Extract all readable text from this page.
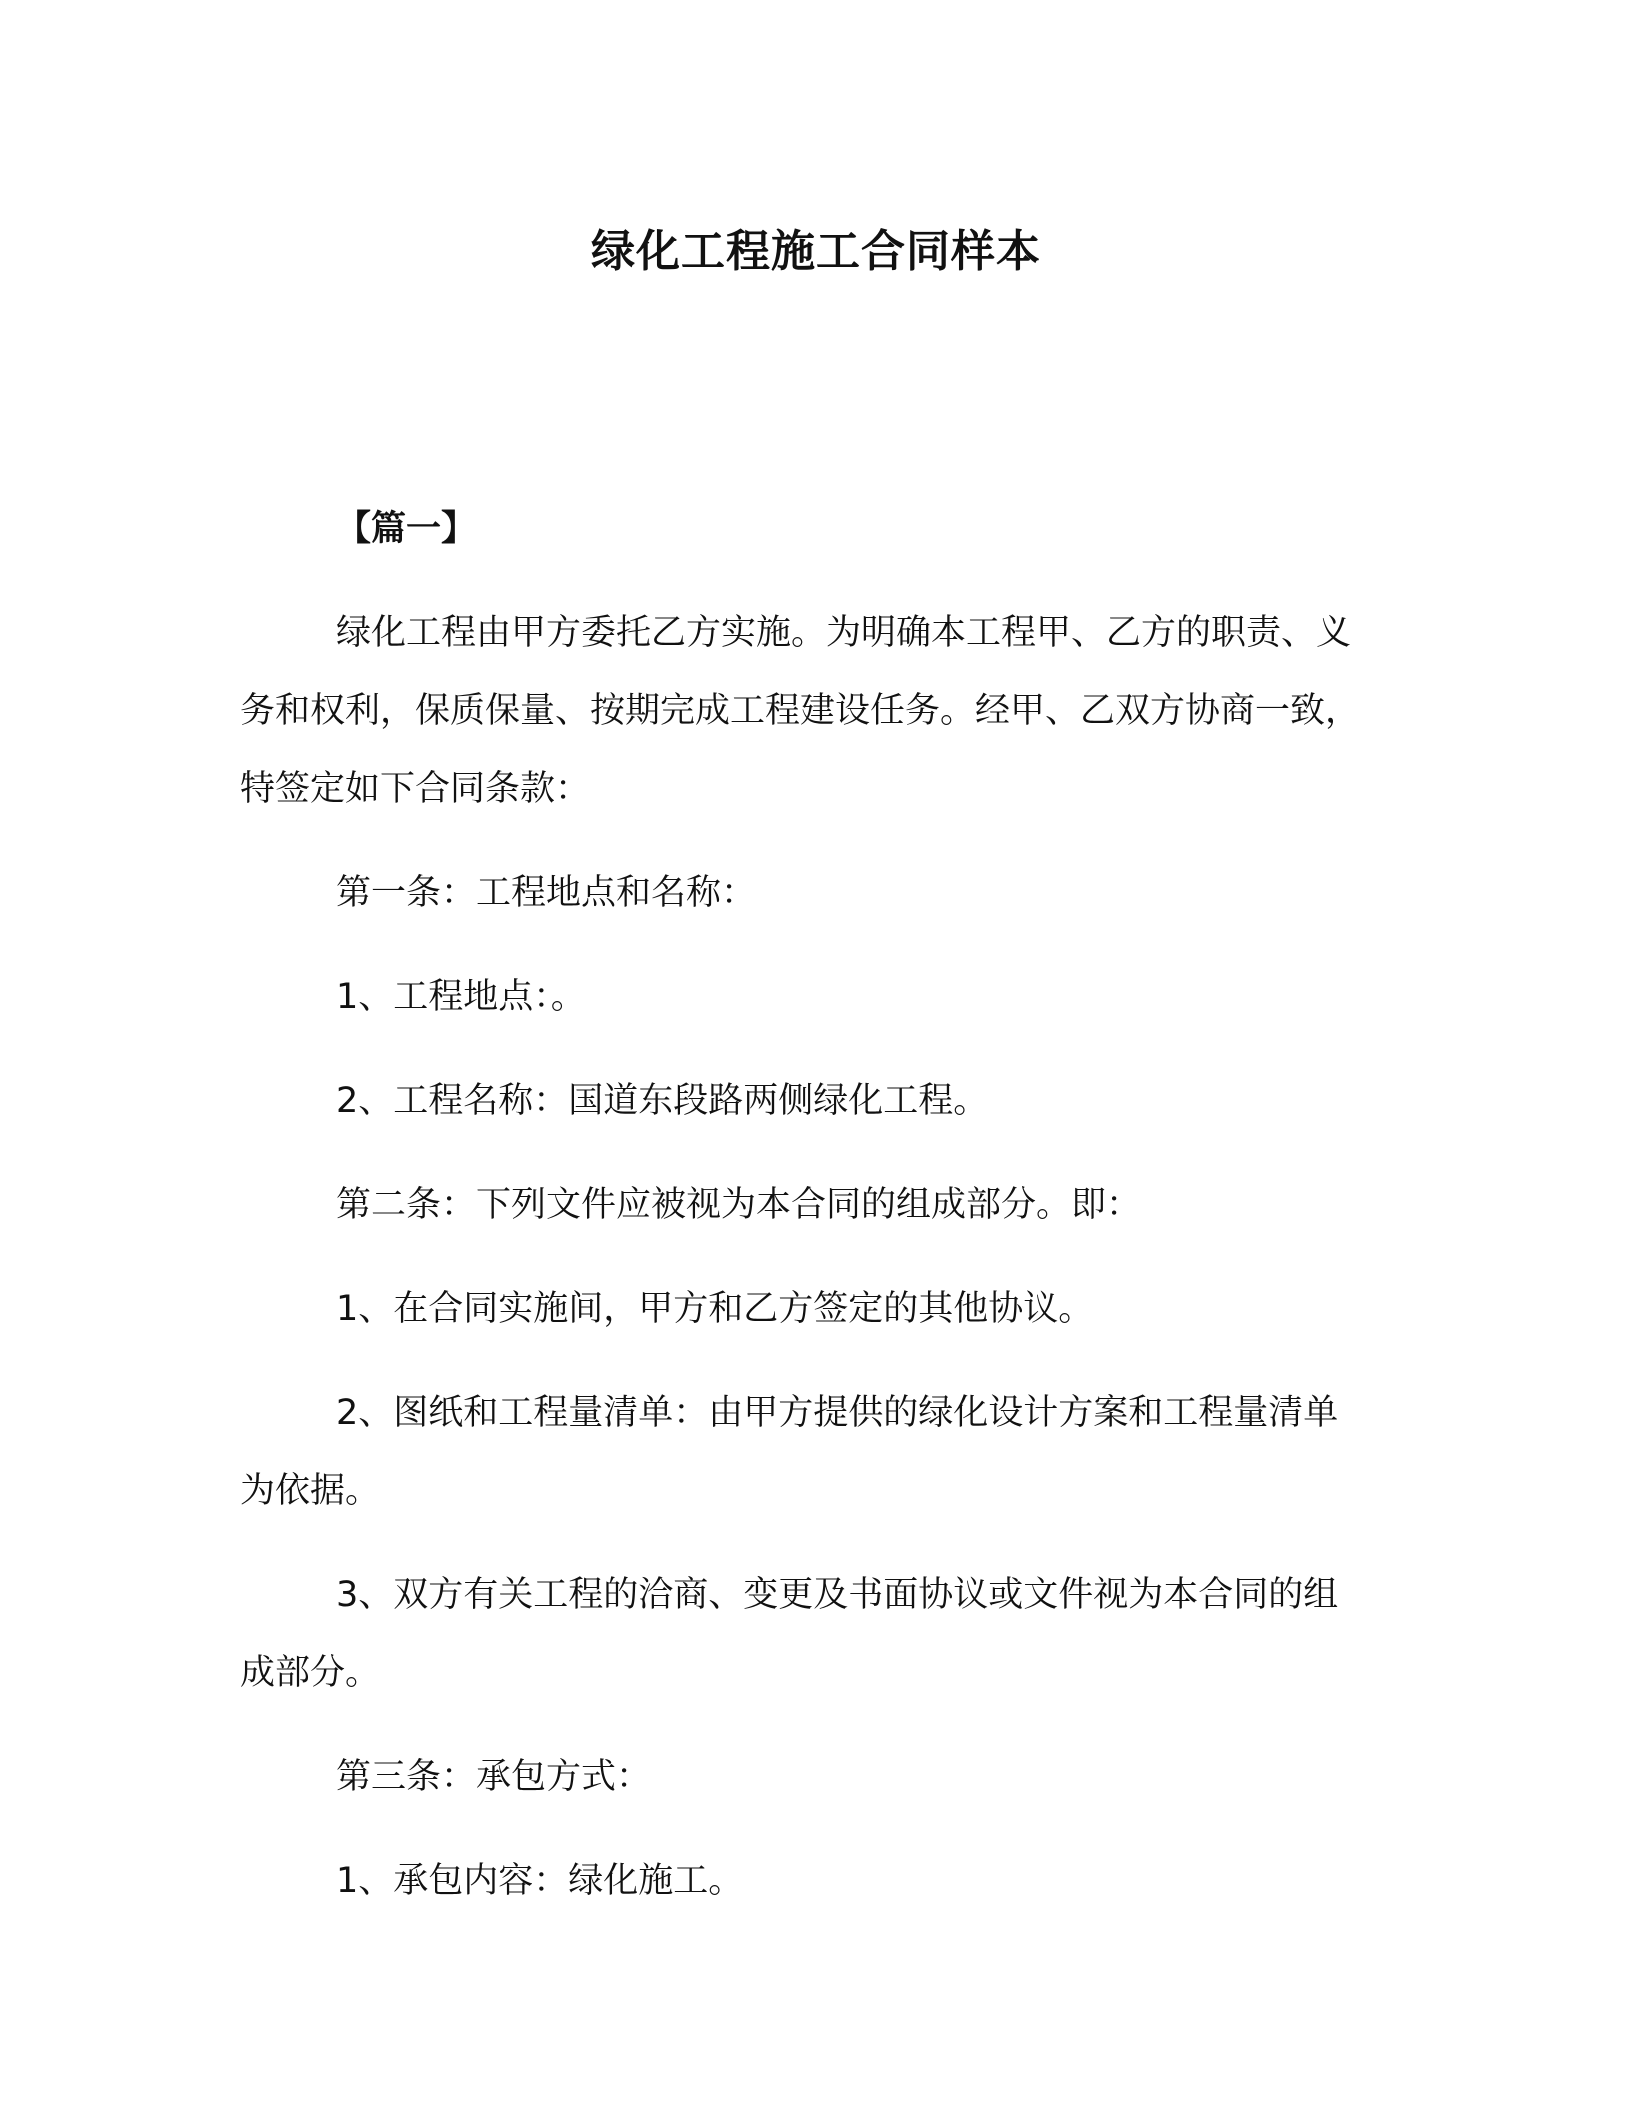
绿化工程施工合同样本
【篇一】

绿化工程由甲方委托乙方实施。为明确本工程甲、乙方的职责、义务和权利，保质保量、按期完成工程建设任务。经甲、乙双方协商一致，特签定如下合同条款：

第一条：工程地点和名称：

1、工程地点：。

2、工程名称：国道东段路两侧绿化工程。

第二条：下列文件应被视为本合同的组成部分。即：

1、在合同实施间，甲方和乙方签定的其他协议。

2、图纸和工程量清单：由甲方提供的绿化设计方案和工程量清单为依据。

3、双方有关工程的洽商、变更及书面协议或文件视为本合同的组成部分。

第三条：承包方式：

1、承包内容：绿化施工。
